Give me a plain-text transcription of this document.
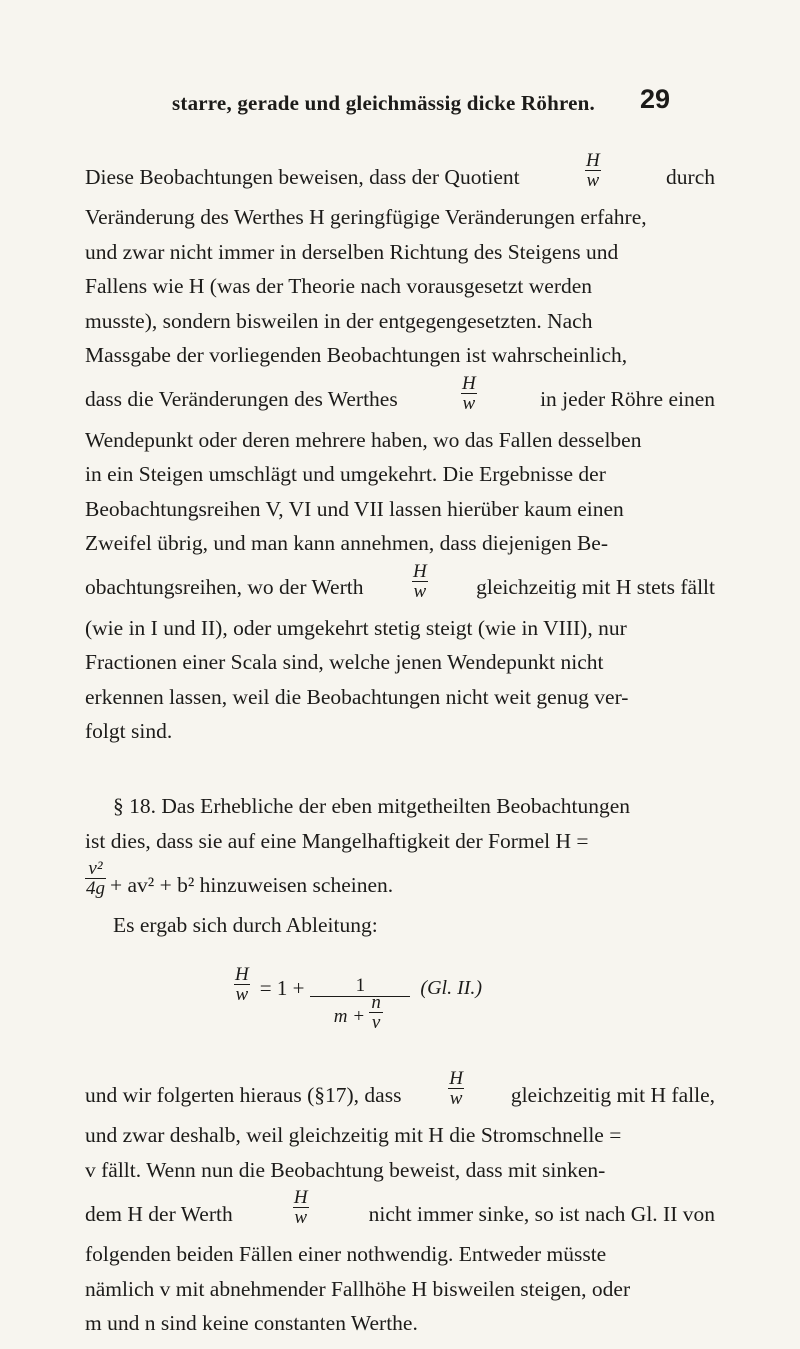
starre, gerade und gleichmässig dicke Röhren.	29
Diese Beobachtungen beweisen, dass der Quotient	$\frac{H}{w}$	durch
Veränderung des Werthes H geringfügige Veränderungen erfahre,
und zwar nicht immer in derselben Richtung des Steigens und
Fallens wie H (was der Theorie nach vorausgesetzt werden
musste), sondern bisweilen in der entgegengesetzten. Nach
Massgabe der vorliegenden Beobachtungen ist wahrscheinlich,
dass die Veränderungen des Werthes	$\frac{H}{w}$	in jeder Röhre einen
Wendepunkt oder deren mehrere haben, wo das Fallen desselben
in ein Steigen umschlägt und umgekehrt. Die Ergebnisse der
Beobachtungsreihen V, VI und VII lassen hierüber kaum einen
Zweifel übrig, und man kann annehmen, dass diejenigen Be-
obachtungsreihen, wo der Werth	$\frac{H}{w}$ gleichzeitig mit H stets fällt
(wie in I und II), oder umgekehrt stetig steigt (wie in VIII), nur
Fractionen einer Scala sind, welche jenen Wendepunkt nicht
erkennen lassen, weil die Beobachtungen nicht weit genug ver-
folgt sind.
§ 18. Das Erhebliche der eben mitgetheilten Beobachtungen
ist dies, dass sie auf eine Mangelhaftigkeit der Formel H =
$\frac{\text{v²}}{4g} + av^2 + b^2$ hinzuweisen scheinen.
Es ergab sich durch Ableitung:
$\frac{H}{w} = 1$ +	1
$m + \frac{n}{v}$
(Gl. II.)
und wir folgerten hieraus (§17), dass $\frac{H}{w}$ gleichzeitig mit H falle,
und zwar deshalb, weil gleichzeitig mit H die Stromschnelle =
v fällt. Wenn nun die Beobachtung beweist, dass mit sinken-
dem H der Werth	$\frac{H}{w}$	nicht immer sinke, so ist nach Gl. II von
folgenden beiden Fällen einer nothwendig. Entweder müsste
nämlich v mit abnehmender Fallhöhe H bisweilen steigen, oder
m und n sind keine constanten Werthe.
